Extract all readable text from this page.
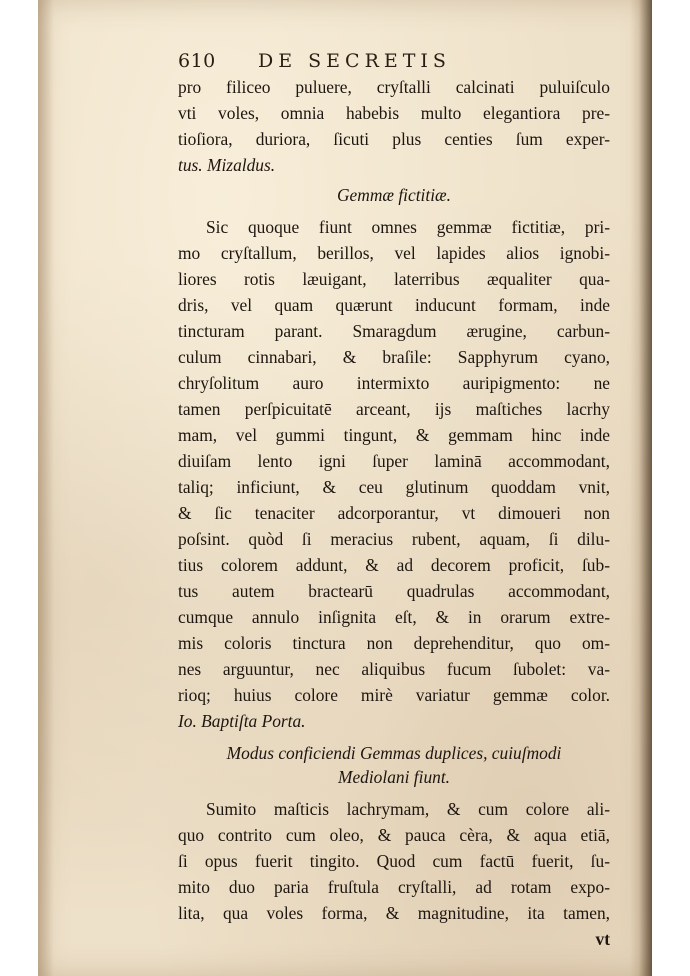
610 DE SECRETIS
pro filiceo puluere, cryſtalli calcinati puluiſculo
vti voles, omnia habebis multo elegantiora pre-
tioſiora, duriora, ſicuti plus centies ſum exper-
tus. Mizaldus.
Gemmæ fictitiæ.
Sic quoque fiunt omnes gemmæ fictitiæ, pri-
mo cryſtallum, berillos, vel lapides alios ignobi-
liores rotis læuigant, laterribus æqualiter qua-
dris, vel quam quærunt inducunt formam, inde
tincturam parant. Smaragdum ærugine, carbun-
culum cinnabari, & braſile: Sapphyrum cyano,
chryſolitum auro intermixto auripigmento: ne
tamen perſpicuitatē arceant, ijs maſtiches lacrhy
mam, vel gummi tingunt, & gemmam hinc inde
diuiſam lento igni ſuper laminā accommodant,
taliq; inficiunt, & ceu glutinum quoddam vnit,
& ſic tenaciter adcorporantur, vt dimoueri non
poſsint. quòd ſi meracius rubent, aquam, ſi dilu-
tius colorem addunt, & ad decorem proficit, ſub-
tus autem bractearū quadrulas accommodant,
cumque annulo inſignita eſt, & in orarum extre-
mis coloris tinctura non deprehenditur, quo om-
nes arguuntur, nec aliquibus fucum ſubolet: va-
rioq; huius colore mirè variatur gemmæ color.
Io. Baptiſta Porta.
Modus conficiendi Gemmas duplices, cuiuſmodi
Mediolani fiunt.
Sumito maſticis lachrymam, & cum colore ali-
quo contrito cum oleo, & pauca cèra, & aqua etiā,
ſi opus fuerit tingito. Quod cum factū fuerit, ſu-
mito duo paria fruſtula cryſtalli, ad rotam expo-
lita, qua voles forma, & magnitudine, ita tamen,
vt
